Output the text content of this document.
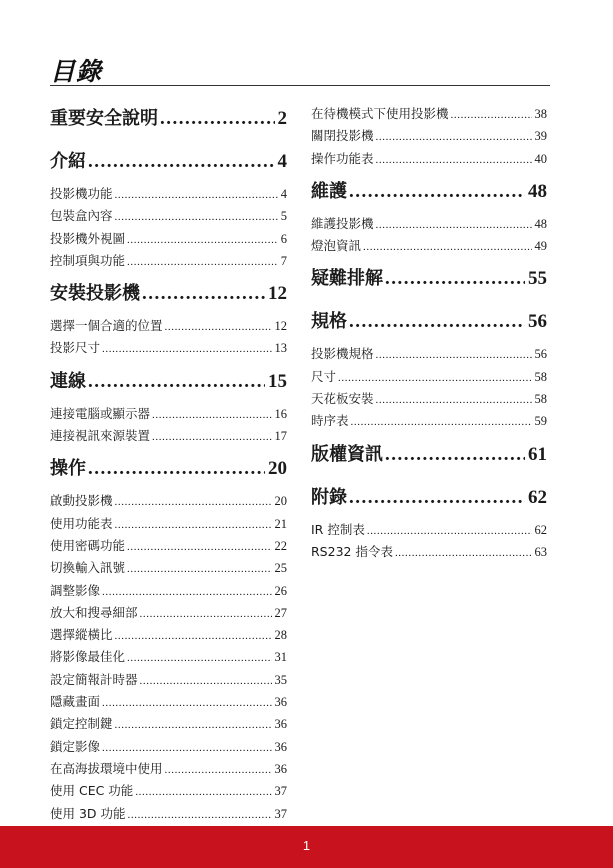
目錄
重要安全說明 .....	2
介紹 .....	4
投影機功能 .....	4
包裝盒內容 .....	5
投影機外視圖 .....	6
控制項與功能 .....	7
安裝投影機 .....	12
選擇一個合適的位置 .....	12
投影尺寸 .....	13
連線 .....	15
連接電腦或顯示器 .....	16
連接視訊來源裝置 .....	17
操作 .....	20
啟動投影機 .....	20
使用功能表 .....	21
使用密碼功能 .....	22
切換輸入訊號 .....	25
調整影像 .....	26
放大和搜尋細部 .....	27
選擇縱橫比 .....	28
將影像最佳化 .....	31
設定簡報計時器 .....	35
隱藏畫面 .....	36
鎖定控制鍵 .....	36
鎖定影像 .....	36
在高海拔環境中使用 .....	36
使用 CEC 功能 .....	37
使用 3D 功能 .....	37
在待機模式下使用投影機 .....	38
關閉投影機 .....	39
操作功能表 .....	40
維護 .....	48
維護投影機 .....	48
燈泡資訊 .....	49
疑難排解 .....	55
規格 .....	56
投影機規格 .....	56
尺寸 .....	58
天花板安裝 .....	58
時序表 .....	59
版權資訊 .....	61
附錄 .....	62
IR 控制表 .....	62
RS232 指令表 .....	63
1
